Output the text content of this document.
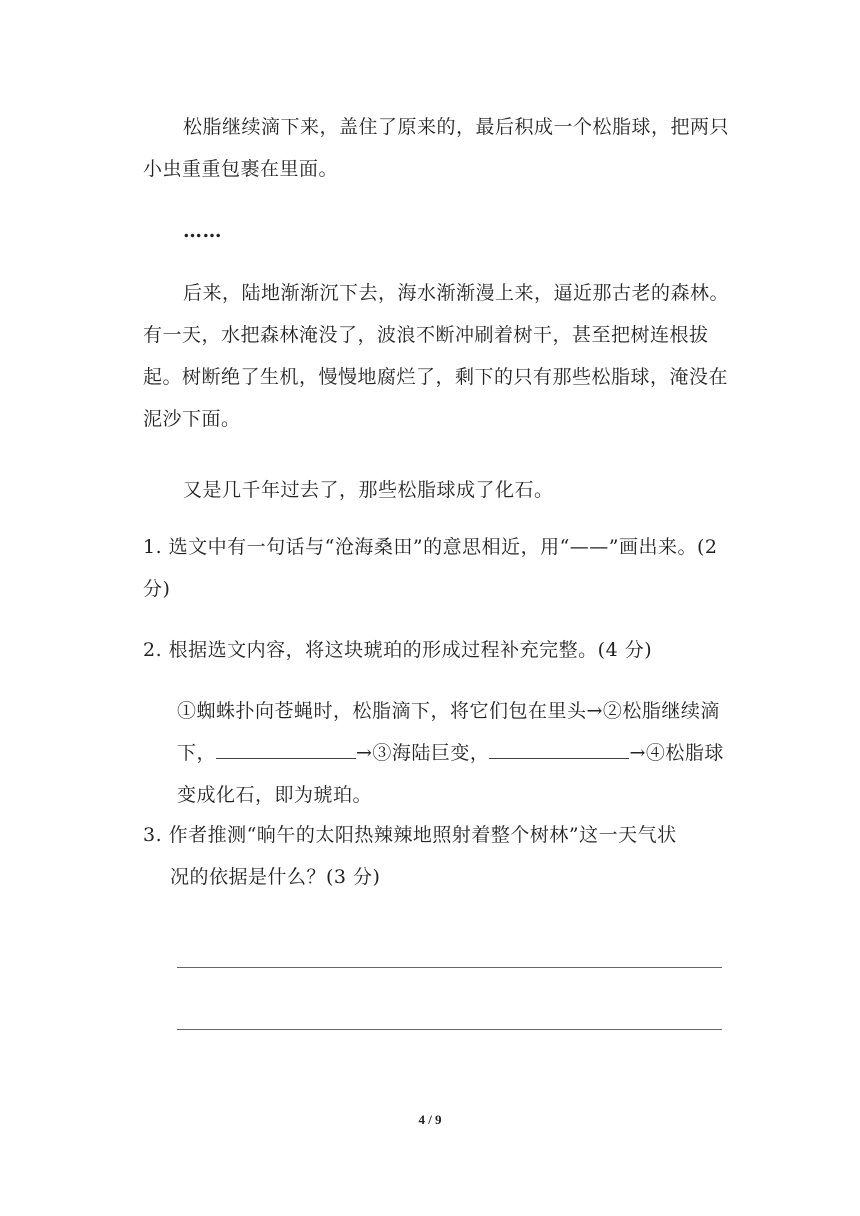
松脂继续滴下来，盖住了原来的，最后积成一个松脂球，把两只小虫重重包裹在里面。

……

后来，陆地渐渐沉下去，海水渐渐漫上来，逼近那古老的森林。有一天，水把森林淹没了，波浪不断冲刷着树干，甚至把树连根拔起。树断绝了生机，慢慢地腐烂了，剩下的只有那些松脂球，淹没在泥沙下面。

又是几千年过去了，那些松脂球成了化石。

1. 选文中有一句话与“沧海桑田”的意思相近，用“——”画出来。(2 分)

2. 根据选文内容，将这块琥珀的形成过程补充完整。(4 分)

①蜘蛛扑向苍蝇时，松脂滴下，将它们包在里头→②松脂继续滴下，	→③海陆巨变，	→④松脂球变成化石，即为琥珀。

3. 作者推测“晌午的太阳热辣辣地照射着整个树林”这一天气状

况的依据是什么？(3 分)

4 / 9
